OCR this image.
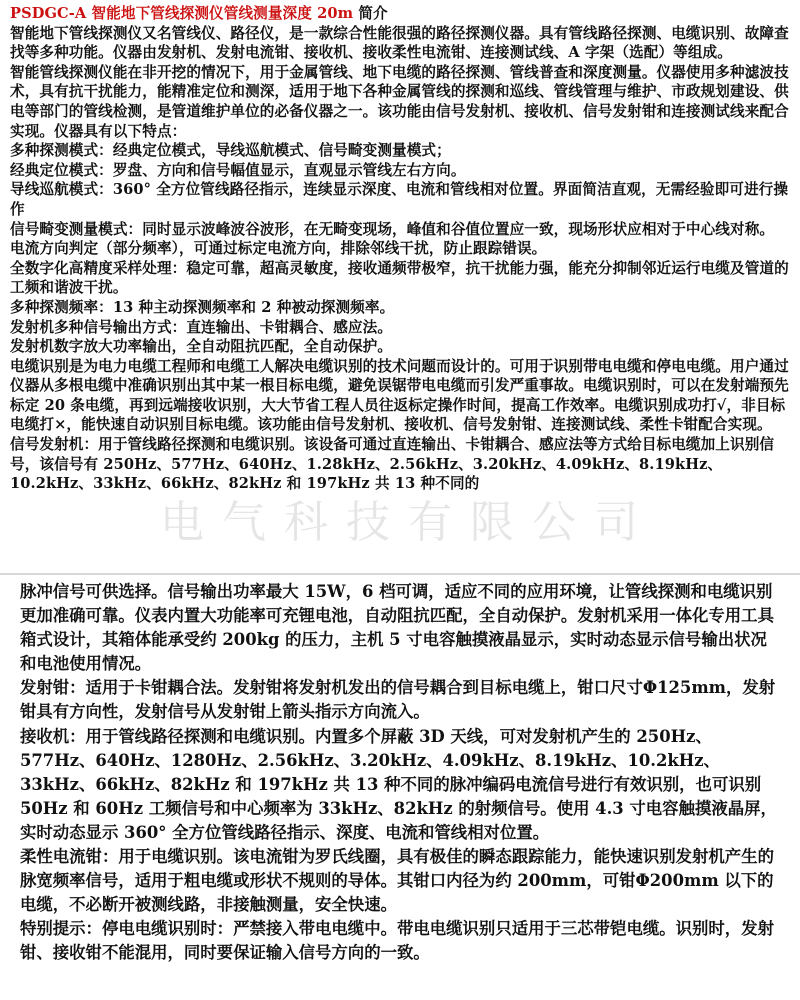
PSDGC-A 智能地下管线探测仪管线测量深度 20m 简介

智能地下管线探测仪又名管线仪、路径仪，是一款综合性能很强的路径探测仪器。具有管线路径探测、电缆识别、故障查找等多种功能。仪器由发射机、发射电流钳、接收机、接收柔性电流钳、连接测试线、A 字架（选配）等组成。

智能管线探测仪能在非开挖的情况下，用于金属管线、地下电缆的路径探测、管线普查和深度测量。仪器使用多种滤波技术，具有抗干扰能力，能精准定位和测深，适用于地下各种金属管线的探测和巡线、管线管理与维护、市政规划建设、供电等部门的管线检测，是管道维护单位的必备仪器之一。该功能由信号发射机、接收机、信号发射钳和连接测试线来配合实现。仪器具有以下特点：

多种探测模式：经典定位模式，导线巡航模式、信号畸变测量模式；

经典定位模式：罗盘、方向和信号幅值显示，直观显示管线左右方向。

导线巡航模式：360° 全方位管线路径指示，连续显示深度、电流和管线相对位置。界面简洁直观，无需经验即可进行操作

信号畸变测量模式：同时显示波峰波谷波形，在无畸变现场，峰值和谷值位置应一致，现场形状应相对于中心线对称。

电流方向判定（部分频率），可通过标定电流方向，排除邻线干扰，防止跟踪错误。

全数字化高精度采样处理：稳定可靠，超高灵敏度，接收通频带极窄，抗干扰能力强，能充分抑制邻近运行电缆及管道的工频和谐波干扰。

多种探测频率：13 种主动探测频率和 2 种被动探测频率。

发射机多种信号输出方式：直连输出、卡钳耦合、感应法。

发射机数字放大功率输出，全自动阻抗匹配，全自动保护。

电缆识别是为电力电缆工程师和电缆工人解决电缆识别的技术问题而设计的。可用于识别带电电缆和停电电缆。用户通过仪器从多根电缆中准确识别出其中某一根目标电缆，避免误锯带电电缆而引发严重事故。电缆识别时，可以在发射端预先标定 20 条电缆，再到远端接收识别，大大节省工程人员往返标定操作时间，提高工作效率。电缆识别成功打√，非目标电缆打×，能快速自动识别目标电缆。该功能由信号发射机、接收机、信号发射钳、连接测试线、柔性卡钳配合实现。

信号发射机：用于管线路径探测和电缆识别。该设备可通过直连输出、卡钳耦合、感应法等方式给目标电缆加上识别信号，该信号有 250Hz、577Hz、640Hz、1.28kHz、2.56kHz、3.20kHz、4.09kHz、8.19kHz、10.2kHz、33kHz、66kHz、82kHz 和 197kHz 共 13 种不同的

电气科技有限公司

脉冲信号可供选择。信号输出功率最大 15W，6 档可调，适应不同的应用环境，让管线探测和电缆识别更加准确可靠。仪表内置大功能率可充锂电池，自动阻抗匹配，全自动保护。发射机采用一体化专用工具箱式设计，其箱体能承受约 200kg 的压力，主机 5 寸电容触摸液晶显示，实时动态显示信号输出状况和电池使用情况。

发射钳：适用于卡钳耦合法。发射钳将发射机发出的信号耦合到目标电缆上，钳口尺寸Φ125mm，发射钳具有方向性，发射信号从发射钳上箭头指示方向流入。

接收机：用于管线路径探测和电缆识别。内置多个屏蔽 3D 天线，可对发射机产生的 250Hz、577Hz、640Hz、1280Hz、2.56kHz、3.20kHz、4.09kHz、8.19kHz、10.2kHz、33kHz、66kHz、82kHz 和 197kHz 共 13 种不同的脉冲编码电流信号进行有效识别，也可识别 50Hz 和 60Hz 工频信号和中心频率为 33kHz、82kHz 的射频信号。使用 4.3 寸电容触摸液晶屏，实时动态显示 360° 全方位管线路径指示、深度、电流和管线相对位置。

柔性电流钳：用于电缆识别。该电流钳为罗氏线圈，具有极佳的瞬态跟踪能力，能快速识别发射机产生的脉宽频率信号，适用于粗电缆或形状不规则的导体。其钳口内径为约 200mm，可钳Φ200mm 以下的电缆，不必断开被测线路，非接触测量，安全快速。

特别提示：停电电缆识别时：严禁接入带电电缆中。带电电缆识别只适用于三芯带铠电缆。识别时，发射钳、接收钳不能混用，同时要保证输入信号方向的一致。
